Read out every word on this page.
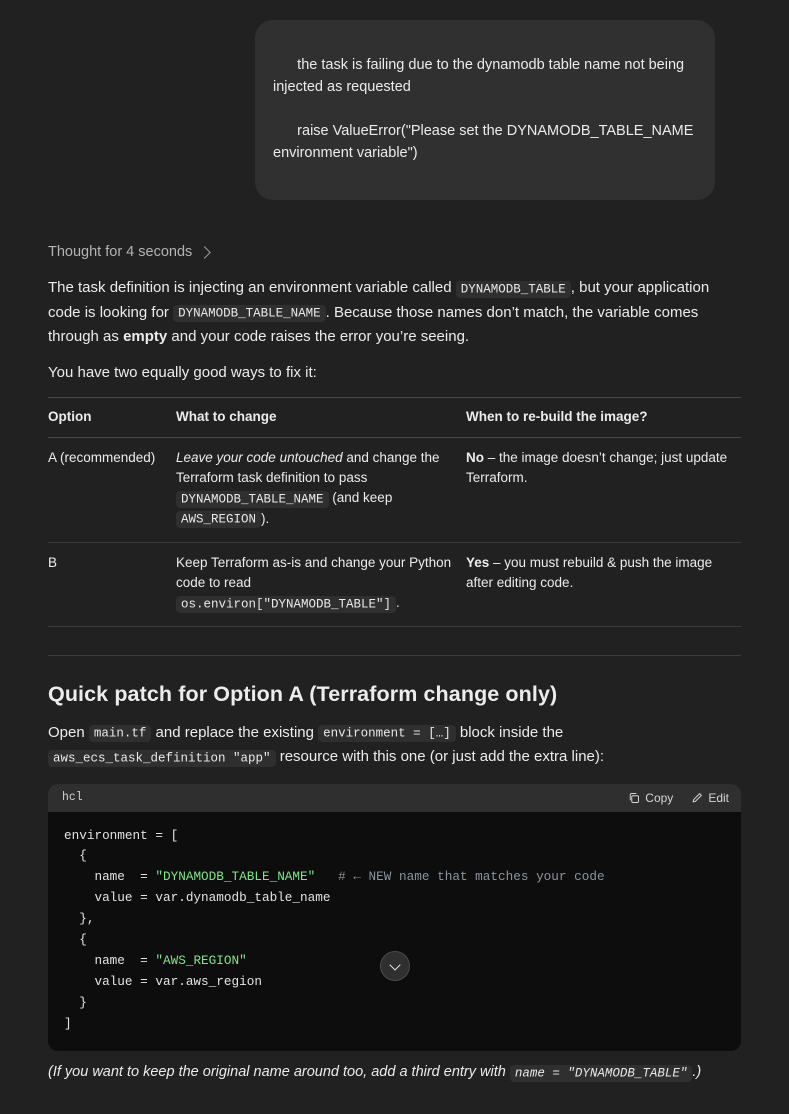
the task is failing due to the dynamodb table name not being injected as requested

raise ValueError("Please set the DYNAMODB_TABLE_NAME environment variable")

Thought for 4 seconds

The task definition is injecting an environment variable called DYNAMODB_TABLE , but your application code is looking for DYNAMODB_TABLE_NAME . Because those names don’t match, the variable comes through as empty and your code raises the error you’re seeing.

You have two equally good ways to fix it:

Option	What to change	When to re-build the image?
A (recommended)	Leave your code untouched and change the Terraform task definition to pass DYNAMODB_TABLE_NAME (and keep AWS_REGION ).	No – the image doesn’t change; just update Terraform.
B	Keep Terraform as-is and change your Python code to read os.environ["DYNAMODB_TABLE"] .	Yes – you must rebuild & push the image after editing code.
Quick patch for Option A (Terraform change only)

Open main.tf and replace the existing environment = […] block inside the aws_ecs_task_definition "app" resource with this one (or just add the extra line):

hcl	Copy	Edit
environment = [
{
name  = "DYNAMODB_TABLE_NAME"   # ← NEW name that matches your code
value = var.dynamodb_table_name
},
{
name  = "AWS_REGION"
value = var.aws_region
}
]

(If you want to keep the original name around too, add a third entry with name = "DYNAMODB_TABLE" .)
